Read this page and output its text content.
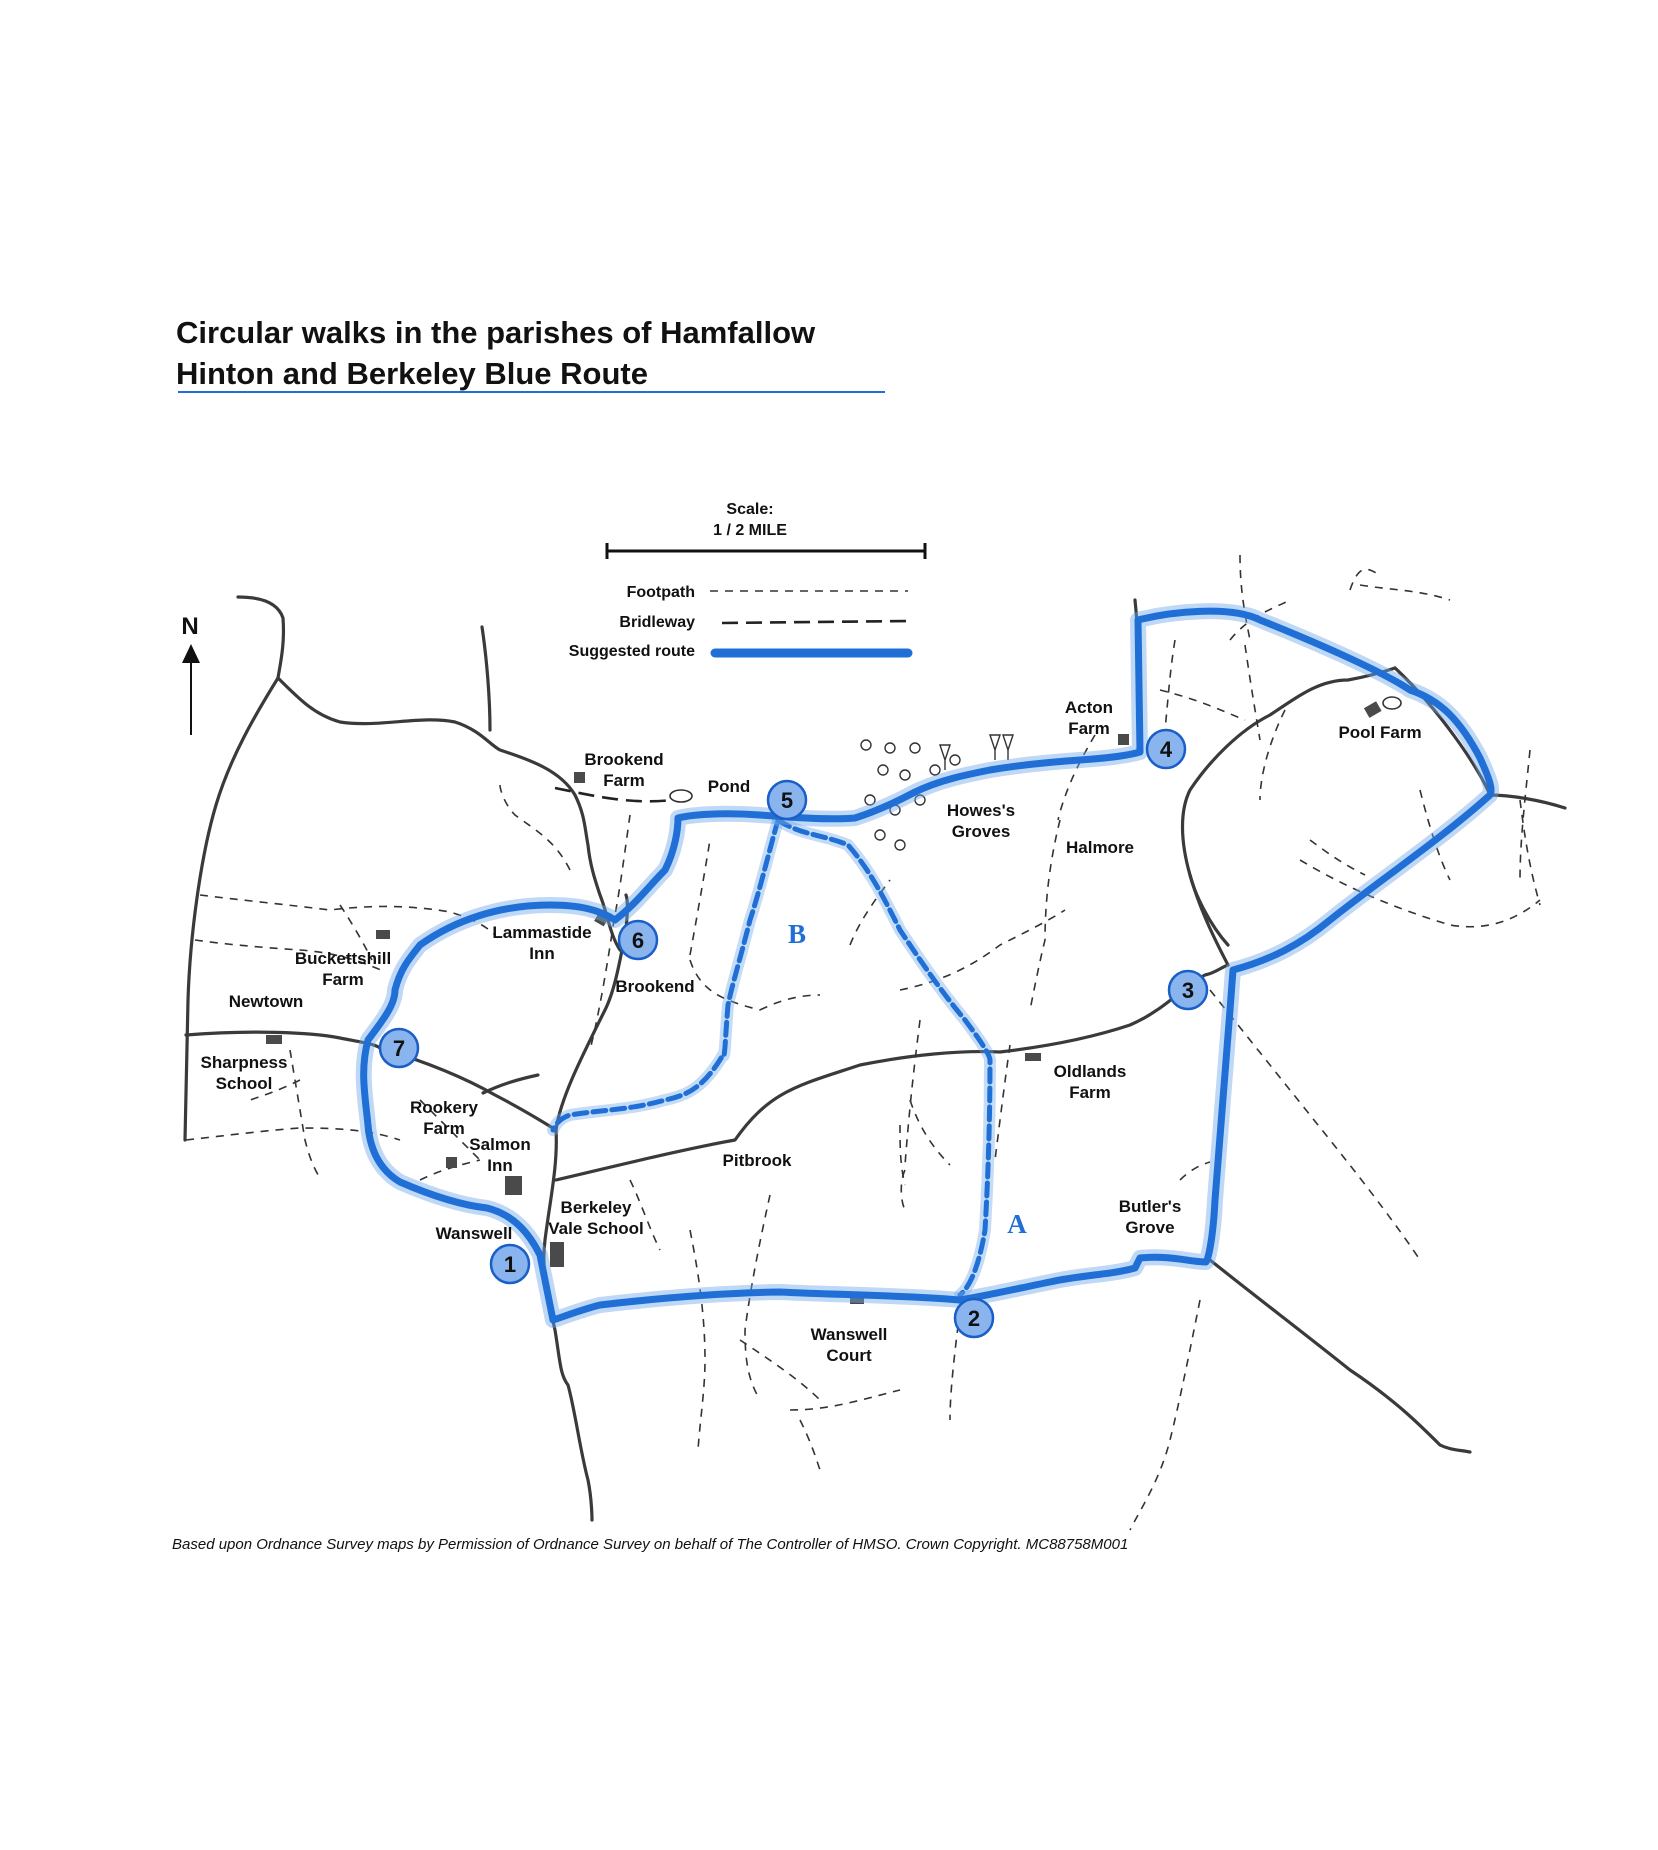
Circular walks in the parishes of Hamfallow
Hinton and Berkeley Blue Route
Scale:
1 / 2 MILE
Footpath
Bridleway
Suggested route
N
B
A
Brookend
Farm	Pond
Acton
Farm	Pool Farm
Howes's
Groves
Halmore
Lammastide
Inn
Buckettshill
Farm
Newtown
Brookend
Sharpness
School
Rookery
Farm
Salmon
Inn	Pitbrook
Oldlands
Farm
Berkeley
Vale School
Butler's
Grove
Wanswell
Wanswell
Court
1
2
3
4
5
6
7
Based upon Ordnance Survey maps by Permission of Ordnance Survey on behalf of The Controller of HMSO. Crown Copyright. MC88758M001
